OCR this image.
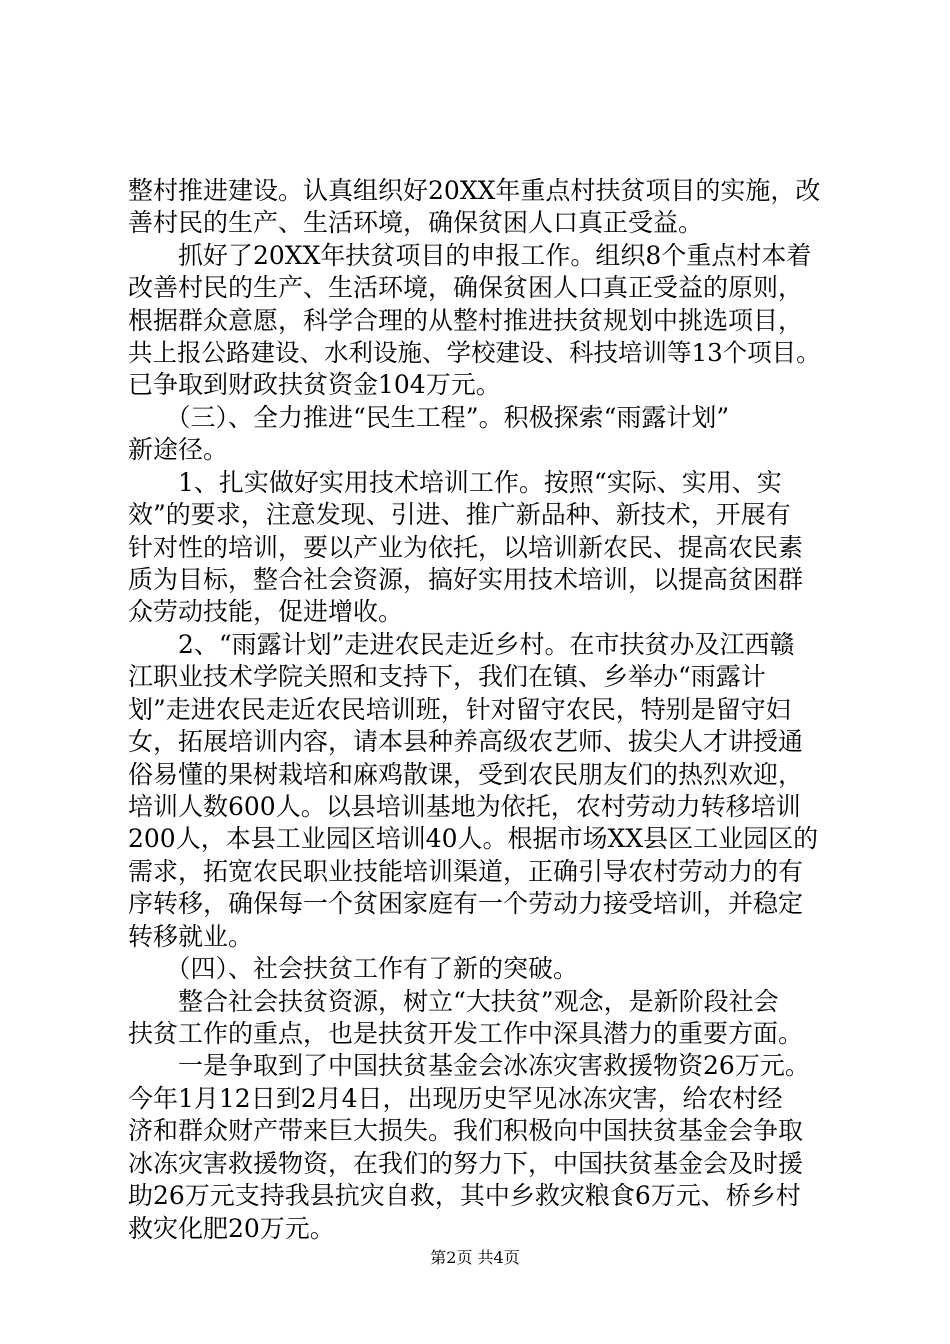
整村推进建设。认真组织好20XX年重点村扶贫项目的实施，改
善村民的生产、生活环境，确保贫困人口真正受益。
　　抓好了20XX年扶贫项目的申报工作。组织8个重点村本着
改善村民的生产、生活环境，确保贫困人口真正受益的原则，
根据群众意愿，科学合理的从整村推进扶贫规划中挑选项目，
共上报公路建设、水利设施、学校建设、科技培训等13个项目。
已争取到财政扶贫资金104万元。
　　（三）、全力推进“民生工程”。积极探索“雨露计划”
新途径。
　　1、扎实做好实用技术培训工作。按照“实际、实用、实
效”的要求，注意发现、引进、推广新品种、新技术，开展有
针对性的培训，要以产业为依托，以培训新农民、提高农民素
质为目标，整合社会资源，搞好实用技术培训，以提高贫困群
众劳动技能，促进增收。
　　2、“雨露计划”走进农民走近乡村。在市扶贫办及江西赣
江职业技术学院关照和支持下，我们在镇、乡举办“雨露计
划”走进农民走近农民培训班，针对留守农民，特别是留守妇
女，拓展培训内容，请本县种养高级农艺师、拔尖人才讲授通
俗易懂的果树栽培和麻鸡散课，受到农民朋友们的热烈欢迎，
培训人数600人。以县培训基地为依托，农村劳动力转移培训
200人，本县工业园区培训40人。根据市场XX县区工业园区的
需求，拓宽农民职业技能培训渠道，正确引导农村劳动力的有
序转移，确保每一个贫困家庭有一个劳动力接受培训，并稳定
转移就业。
　　（四）、社会扶贫工作有了新的突破。
　　整合社会扶贫资源，树立“大扶贫”观念，是新阶段社会
扶贫工作的重点，也是扶贫开发工作中深具潜力的重要方面。
　　一是争取到了中国扶贫基金会冰冻灾害救援物资26万元。
今年1月12日到2月4日，出现历史罕见冰冻灾害，给农村经
济和群众财产带来巨大损失。我们积极向中国扶贫基金会争取
冰冻灾害救援物资，在我们的努力下，中国扶贫基金会及时援
助26万元支持我县抗灾自救，其中乡救灾粮食6万元、桥乡村
救灾化肥20万元。
第2页 共4页
